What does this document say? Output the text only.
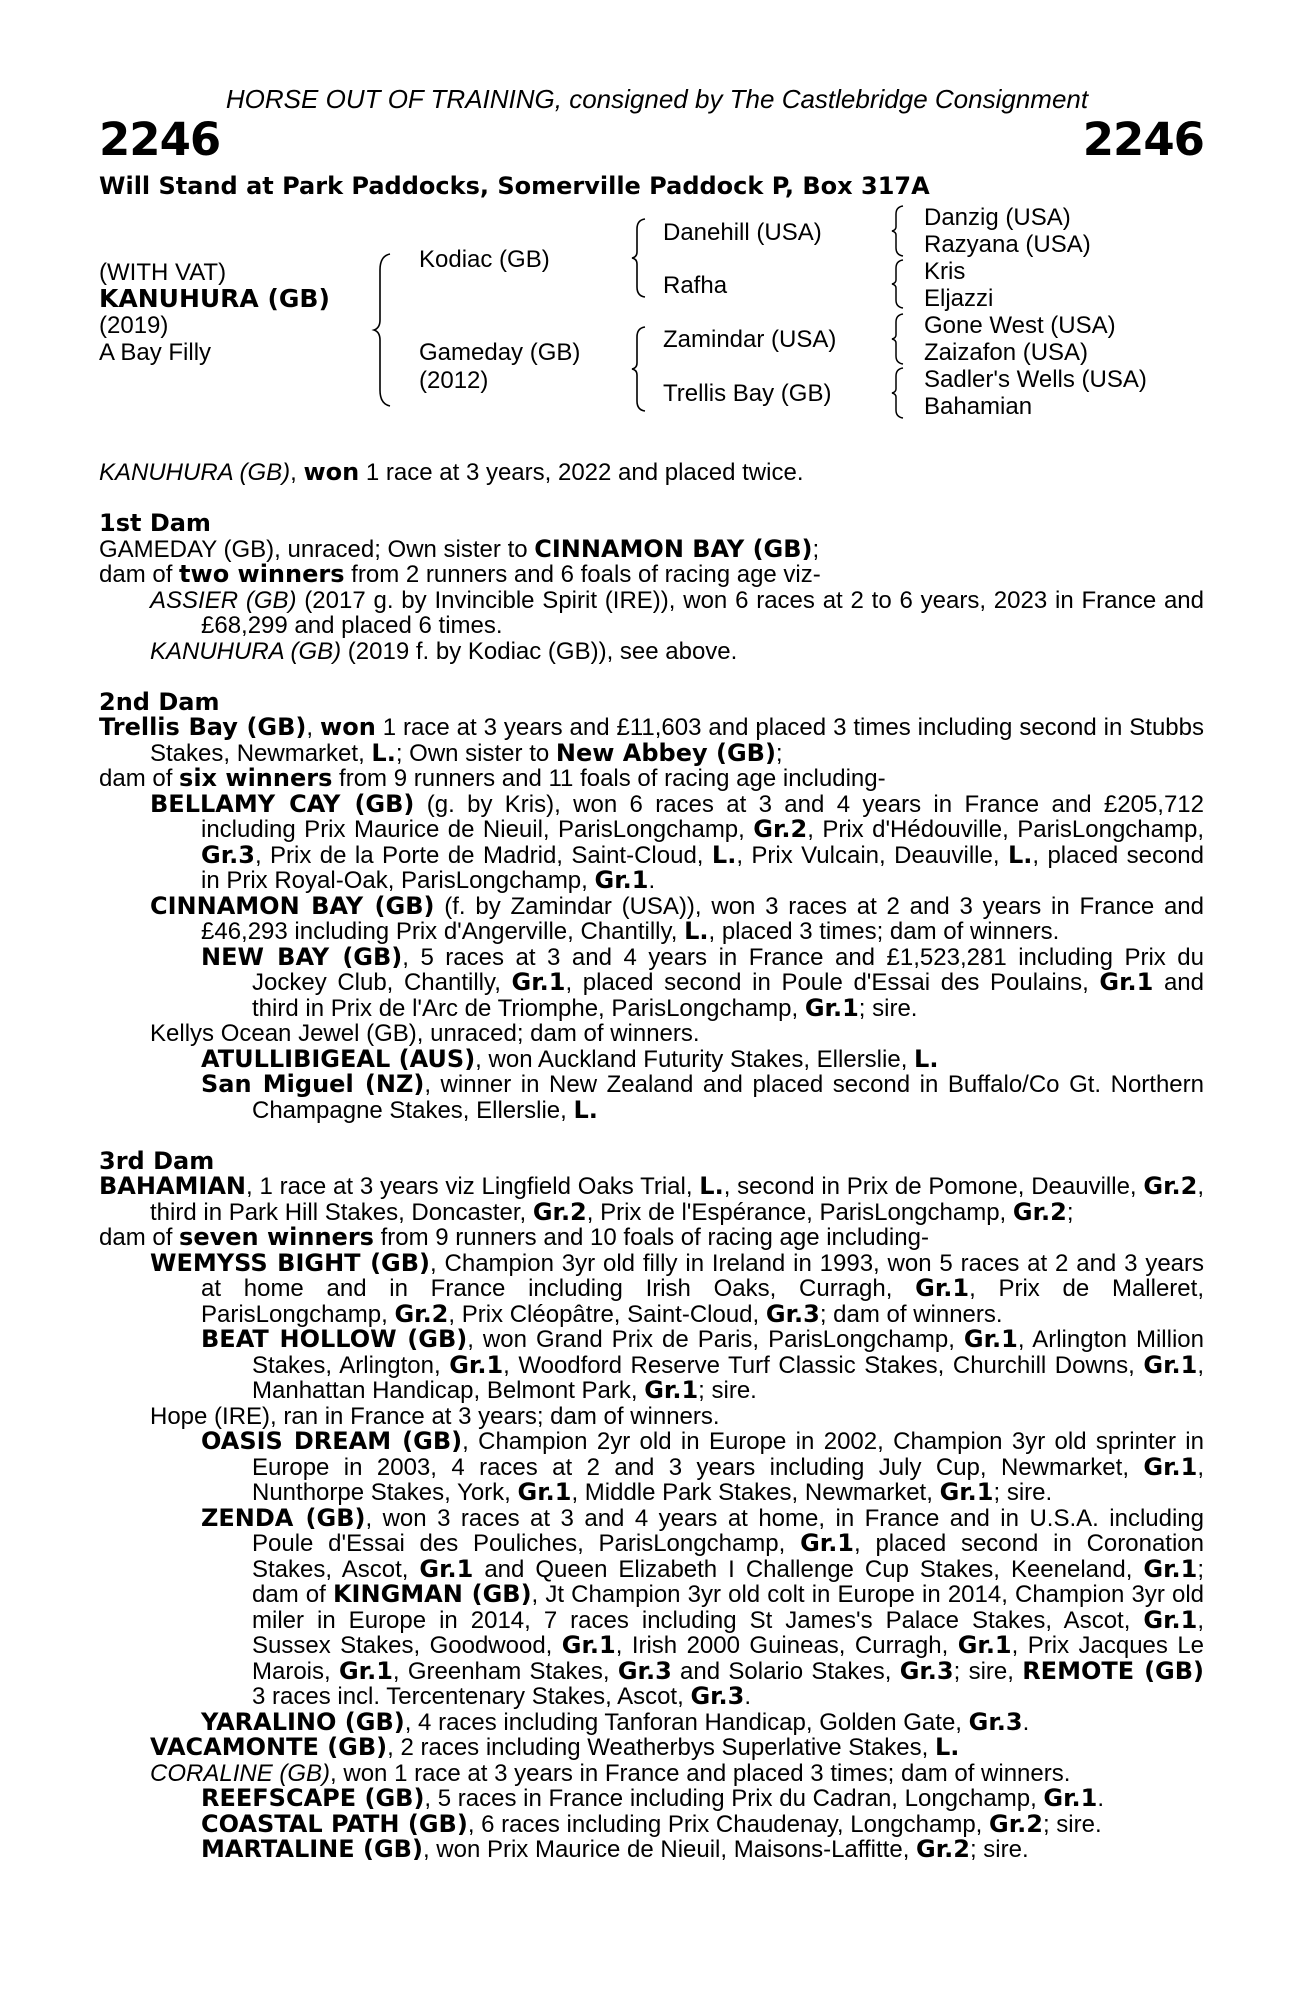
HORSE OUT OF TRAINING, consigned by The Castlebridge Consignment
2246	2246
Will Stand at Park Paddocks, Somerville Paddock P, Box 317A
(WITH VAT)
KANUHURA (GB)
(2019)
A Bay Filly
Kodiac (GB)
Gameday (GB)
(2012)
Danehill (USA)
Rafha
Zamindar (USA)
Trellis Bay (GB)
Danzig (USA)
Razyana (USA)
Kris
Eljazzi
Gone West (USA)
Zaizafon (USA)
Sadler's Wells (USA)
Bahamian

KANUHURA (GB), won 1 race at 3 years, 2022 and placed twice.

1st Dam

GAMEDAY (GB), unraced; Own sister to CINNAMON BAY (GB);

dam of two winners from 2 runners and 6 foals of racing age viz-

ASSIER (GB) (2017 g. by Invincible Spirit (IRE)), won 6 races at 2 to 6 years, 2023 in France and £68,299 and placed 6 times.

KANUHURA (GB) (2019 f. by Kodiac (GB)), see above.

2nd Dam

Trellis Bay (GB), won 1 race at 3 years and £11,603 and placed 3 times including second in Stubbs Stakes, Newmarket, L.; Own sister to New Abbey (GB);

dam of six winners from 9 runners and 11 foals of racing age including-

BELLAMY CAY (GB) (g. by Kris), won 6 races at 3 and 4 years in France and £205,712 including Prix Maurice de Nieuil, ParisLongchamp, Gr.2, Prix d'Hédouville, ParisLongchamp, Gr.3, Prix de la Porte de Madrid, Saint-Cloud, L., Prix Vulcain, Deauville, L., placed second in Prix Royal-Oak, ParisLongchamp, Gr.1.

CINNAMON BAY (GB) (f. by Zamindar (USA)), won 3 races at 2 and 3 years in France and £46,293 including Prix d'Angerville, Chantilly, L., placed 3 times; dam of winners.

NEW BAY (GB), 5 races at 3 and 4 years in France and £1,523,281 including Prix du Jockey Club, Chantilly, Gr.1, placed second in Poule d'Essai des Poulains, Gr.1 and third in Prix de l'Arc de Triomphe, ParisLongchamp, Gr.1; sire.

Kellys Ocean Jewel (GB), unraced; dam of winners.

ATULLIBIGEAL (AUS), won Auckland Futurity Stakes, Ellerslie, L.

San Miguel (NZ), winner in New Zealand and placed second in Buffalo/Co Gt. Northern Champagne Stakes, Ellerslie, L.

3rd Dam

BAHAMIAN, 1 race at 3 years viz Lingfield Oaks Trial, L., second in Prix de Pomone, Deauville, Gr.2, third in Park Hill Stakes, Doncaster, Gr.2, Prix de l'Espérance, ParisLongchamp, Gr.2;

dam of seven winners from 9 runners and 10 foals of racing age including-

WEMYSS BIGHT (GB), Champion 3yr old filly in Ireland in 1993, won 5 races at 2 and 3 years at home and in France including Irish Oaks, Curragh, Gr.1, Prix de Malleret, ParisLongchamp, Gr.2, Prix Cléopâtre, Saint-Cloud, Gr.3; dam of winners.

BEAT HOLLOW (GB), won Grand Prix de Paris, ParisLongchamp, Gr.1, Arlington Million Stakes, Arlington, Gr.1, Woodford Reserve Turf Classic Stakes, Churchill Downs, Gr.1, Manhattan Handicap, Belmont Park, Gr.1; sire.

Hope (IRE), ran in France at 3 years; dam of winners.

OASIS DREAM (GB), Champion 2yr old in Europe in 2002, Champion 3yr old sprinter in Europe in 2003, 4 races at 2 and 3 years including July Cup, Newmarket, Gr.1, Nunthorpe Stakes, York, Gr.1, Middle Park Stakes, Newmarket, Gr.1; sire.

ZENDA (GB), won 3 races at 3 and 4 years at home, in France and in U.S.A. including Poule d'Essai des Pouliches, ParisLongchamp, Gr.1, placed second in Coronation Stakes, Ascot, Gr.1 and Queen Elizabeth I Challenge Cup Stakes, Keeneland, Gr.1; dam of KINGMAN (GB), Jt Champion 3yr old colt in Europe in 2014, Champion 3yr old miler in Europe in 2014, 7 races including St James's Palace Stakes, Ascot, Gr.1, Sussex Stakes, Goodwood, Gr.1, Irish 2000 Guineas, Curragh, Gr.1, Prix Jacques Le Marois, Gr.1, Greenham Stakes, Gr.3 and Solario Stakes, Gr.3; sire, REMOTE (GB) 3 races incl. Tercentenary Stakes, Ascot, Gr.3.

YARALINO (GB), 4 races including Tanforan Handicap, Golden Gate, Gr.3.

VACAMONTE (GB), 2 races including Weatherbys Superlative Stakes, L.

CORALINE (GB), won 1 race at 3 years in France and placed 3 times; dam of winners.

REEFSCAPE (GB), 5 races in France including Prix du Cadran, Longchamp, Gr.1.

COASTAL PATH (GB), 6 races including Prix Chaudenay, Longchamp, Gr.2; sire.

MARTALINE (GB), won Prix Maurice de Nieuil, Maisons-Laffitte, Gr.2; sire.
